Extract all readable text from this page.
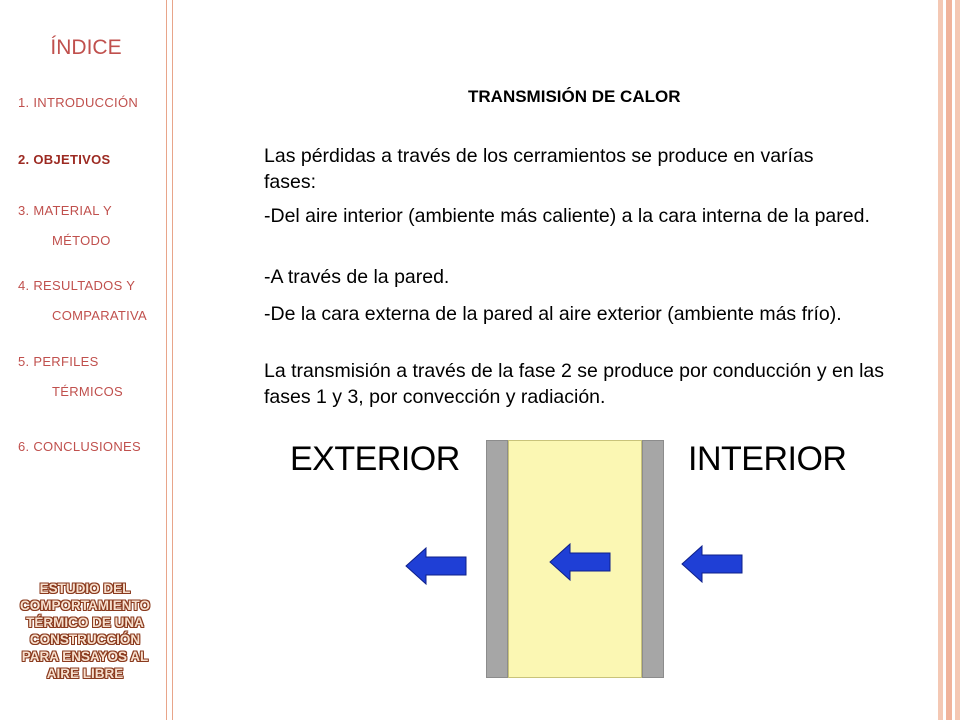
ÍNDICE
1. INTRODUCCIÓN
2. OBJETIVOS
3. MATERIAL Y
MÉTODO
4. RESULTADOS Y
COMPARATIVA
5. PERFILES
TÉRMICOS
6. CONCLUSIONES
ESTUDIO DEL
COMPORTAMIENTO
TÉRMICO DE UNA
CONSTRUCCIÓN
PARA ENSAYOS AL
AIRE LIBRE
TRANSMISIÓN DE CALOR

Las pérdidas a través de los cerramientos se produce en varías fases:

-Del aire interior (ambiente más caliente) a la cara interna de la pared.

-A través de la pared.

-De la cara externa de la pared al aire exterior (ambiente más frío).

La transmisión a través de la fase 2 se produce por conducción y en las fases 1 y 3, por convección y radiación.

EXTERIOR	INTERIOR
